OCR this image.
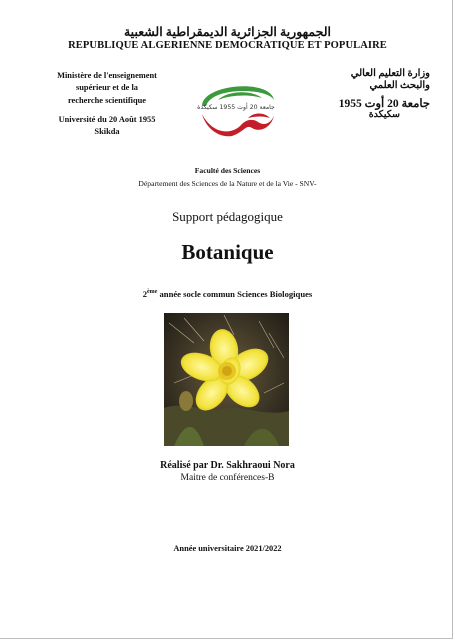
الجمهورية الجزائرية الديمقراطية الشعبية
REPUBLIQUE ALGERIENNE DEMOCRATIQUE ET POPULAIRE
Ministère de l'enseignement
supérieur et de la
recherche scientifique
Université du 20 Août 1955
Skikda
جامعة 20 أوت 1955 سكيكدة
وزارة التعليم العالي
والبحث العلمي
جامعة 20 أوت 1955
سكيكدة
Faculté des Sciences
Département des Sciences de la Nature et de la Vie - SNV-
Support pédagogique
Botanique
2ème année socle commun Sciences Biologiques
Réalisé par Dr. Sakhraoui Nora
Maitre de conférences-B
Année universitaire 2021/2022
